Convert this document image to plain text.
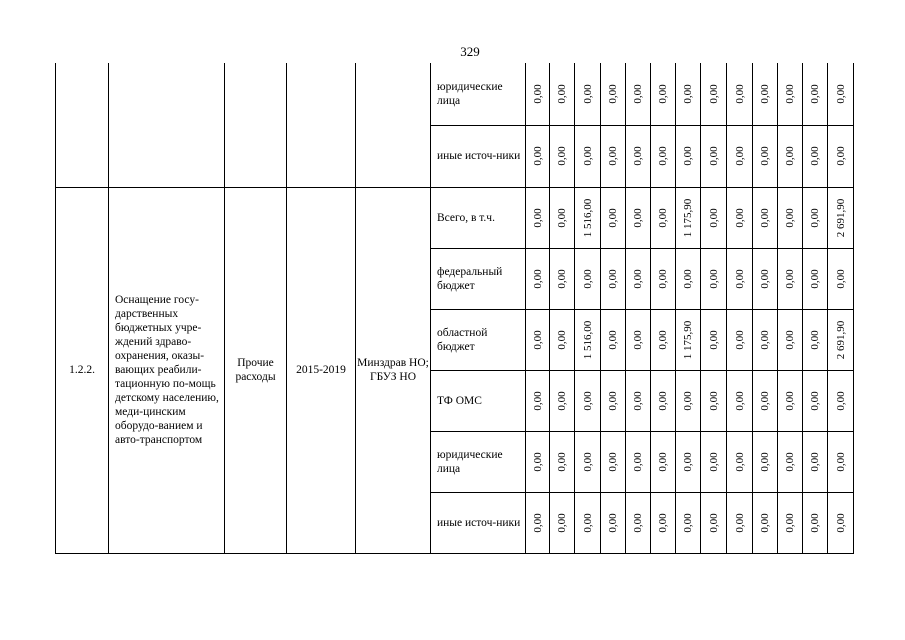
329
					юридические лица	0,00	0,00	0,00	0,00	0,00	0,00	0,00	0,00	0,00	0,00	0,00	0,00	0,00

					иные источ-ники	0,00	0,00	0,00	0,00	0,00	0,00	0,00	0,00	0,00	0,00	0,00	0,00	0,00

1.2.2.	Оснащение госу-дарственных бюджетных учре-ждений здраво-охранения, оказы-вающих реабили-тационную по-мощь детскому населению, меди-цинским оборудо-ванием и авто-транспортом	Прочие расходы	2015-2019	Минздрав НО; ГБУЗ НО	Всего, в т.ч.	0,00	0,00	1 516,00	0,00	0,00	0,00	1 175,90	0,00	0,00	0,00	0,00	0,00	2 691,90

					федеральный бюджет	0,00	0,00	0,00	0,00	0,00	0,00	0,00	0,00	0,00	0,00	0,00	0,00	0,00

					областной бюджет	0,00	0,00	1 516,00	0,00	0,00	0,00	1 175,90	0,00	0,00	0,00	0,00	0,00	2 691,90

					ТФ ОМС	0,00	0,00	0,00	0,00	0,00	0,00	0,00	0,00	0,00	0,00	0,00	0,00	0,00

					юридические лица	0,00	0,00	0,00	0,00	0,00	0,00	0,00	0,00	0,00	0,00	0,00	0,00	0,00

					иные источ-ники	0,00	0,00	0,00	0,00	0,00	0,00	0,00	0,00	0,00	0,00	0,00	0,00	0,00
